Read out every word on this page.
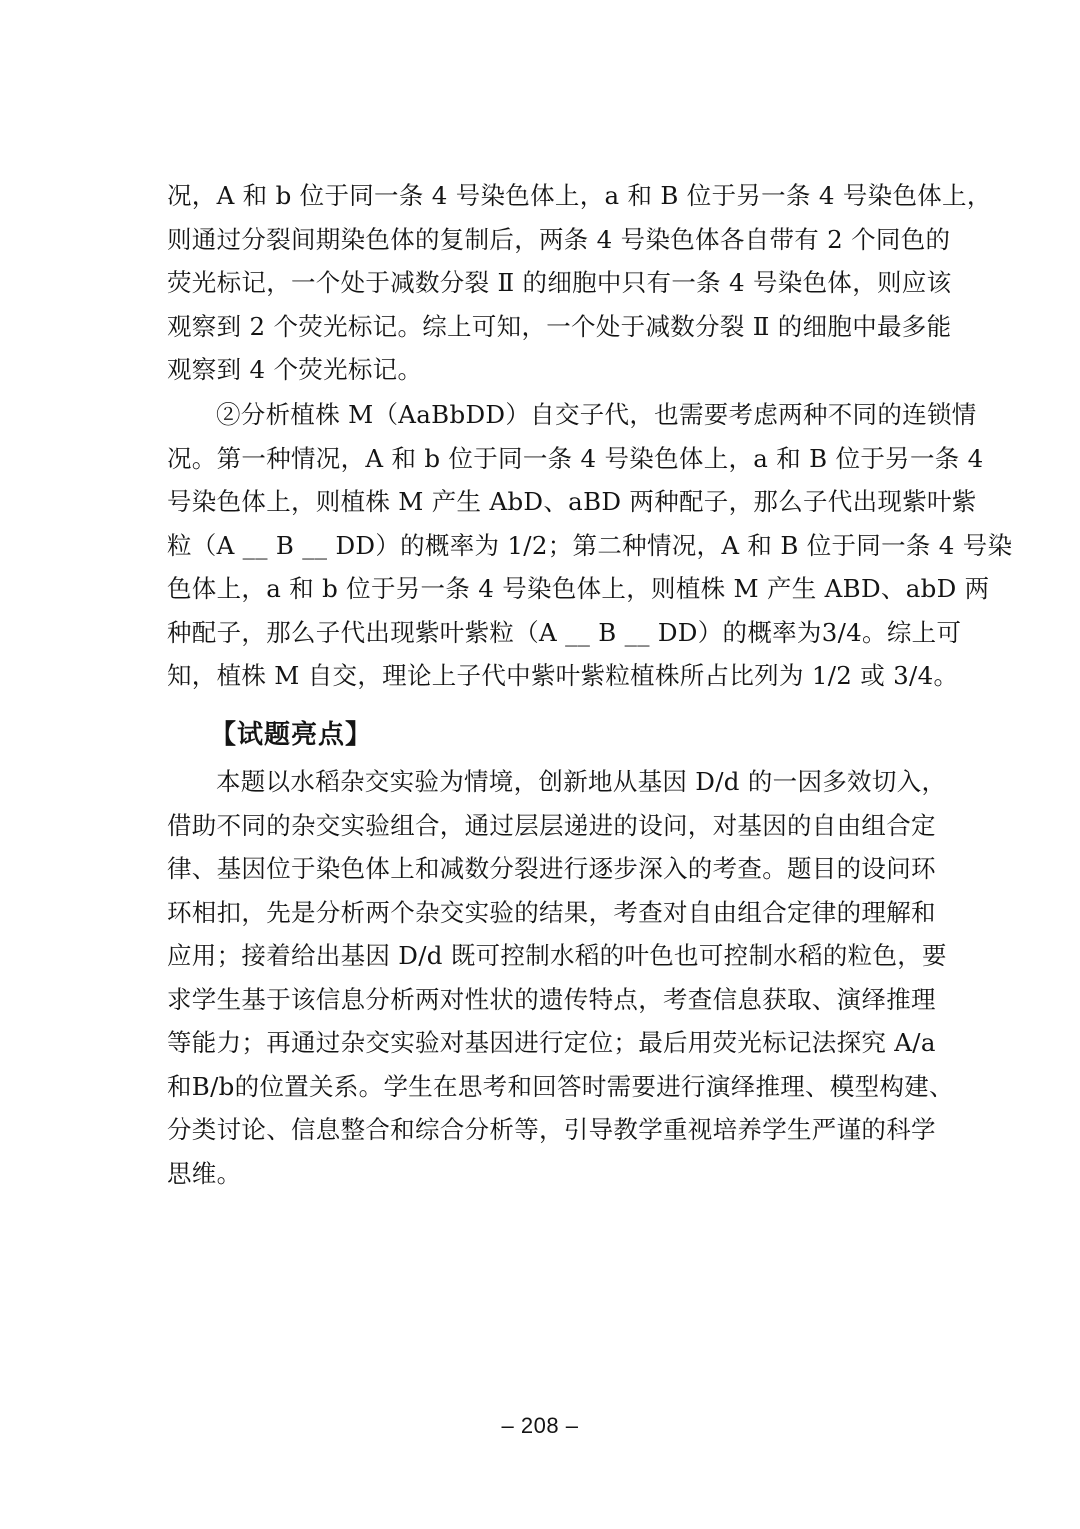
况，A 和 b 位于同一条 4 号染色体上，a 和 B 位于另一条 4 号染色体上，
则通过分裂间期染色体的复制后，两条 4 号染色体各自带有 2 个同色的
荧光标记，一个处于减数分裂 Ⅱ 的细胞中只有一条 4 号染色体，则应该
观察到 2 个荧光标记。综上可知，一个处于减数分裂 Ⅱ 的细胞中最多能
观察到 4 个荧光标记。

②分析植株 M（AaBbDD）自交子代，也需要考虑两种不同的连锁情
况。第一种情况，A 和 b 位于同一条 4 号染色体上，a 和 B 位于另一条 4
号染色体上，则植株 M 产生 AbD、aBD 两种配子，那么子代出现紫叶紫
粒（A __ B __ DD）的概率为 1/2；第二种情况，A 和 B 位于同一条 4 号染
色体上，a 和 b 位于另一条 4 号染色体上，则植株 M 产生 ABD、abD 两
种配子，那么子代出现紫叶紫粒（A __ B __ DD）的概率为3/4。综上可
知，植株 M 自交，理论上子代中紫叶紫粒植株所占比列为 1/2 或 3/4。

【试题亮点】

本题以水稻杂交实验为情境，创新地从基因 D/d 的一因多效切入，
借助不同的杂交实验组合，通过层层递进的设问，对基因的自由组合定
律、基因位于染色体上和减数分裂进行逐步深入的考查。题目的设问环
环相扣，先是分析两个杂交实验的结果，考查对自由组合定律的理解和
应用；接着给出基因 D/d 既可控制水稻的叶色也可控制水稻的粒色，要
求学生基于该信息分析两对性状的遗传特点，考查信息获取、演绎推理
等能力；再通过杂交实验对基因进行定位；最后用荧光标记法探究 A/a
和B/b的位置关系。学生在思考和回答时需要进行演绎推理、模型构建、
分类讨论、信息整合和综合分析等，引导教学重视培养学生严谨的科学
思维。

– 208 –
